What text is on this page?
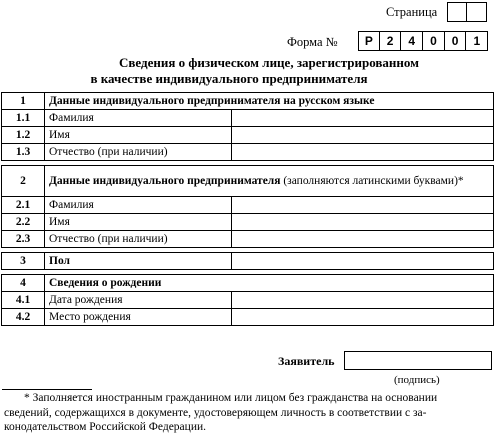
Страница
Форма №	Р	2	4	0	0	1
Сведения о физическом лице, зарегистрированном
в качестве индивидуального предпринимателя
1	Данные индивидуального предпринимателя на русском языке	
1.1	Фамилия	
1.2	Имя	
1.3	Отчество (при наличии)	

2	Данные индивидуального предпринимателя (заполняются латинскими буквами)*	
2.1	Фамилия	
2.2	Имя	
2.3	Отчество (при наличии)	

3	Пол	

4	Сведения о рождении	
4.1	Дата рождения	
4.2	Место рождения	
Заявитель
(подпись)
* Заполняется иностранным гражданином или лицом без гражданства на основании
сведений, содержащихся в документе, удостоверяющем личность в соответствии с за-
конодательством Российской Федерации.
